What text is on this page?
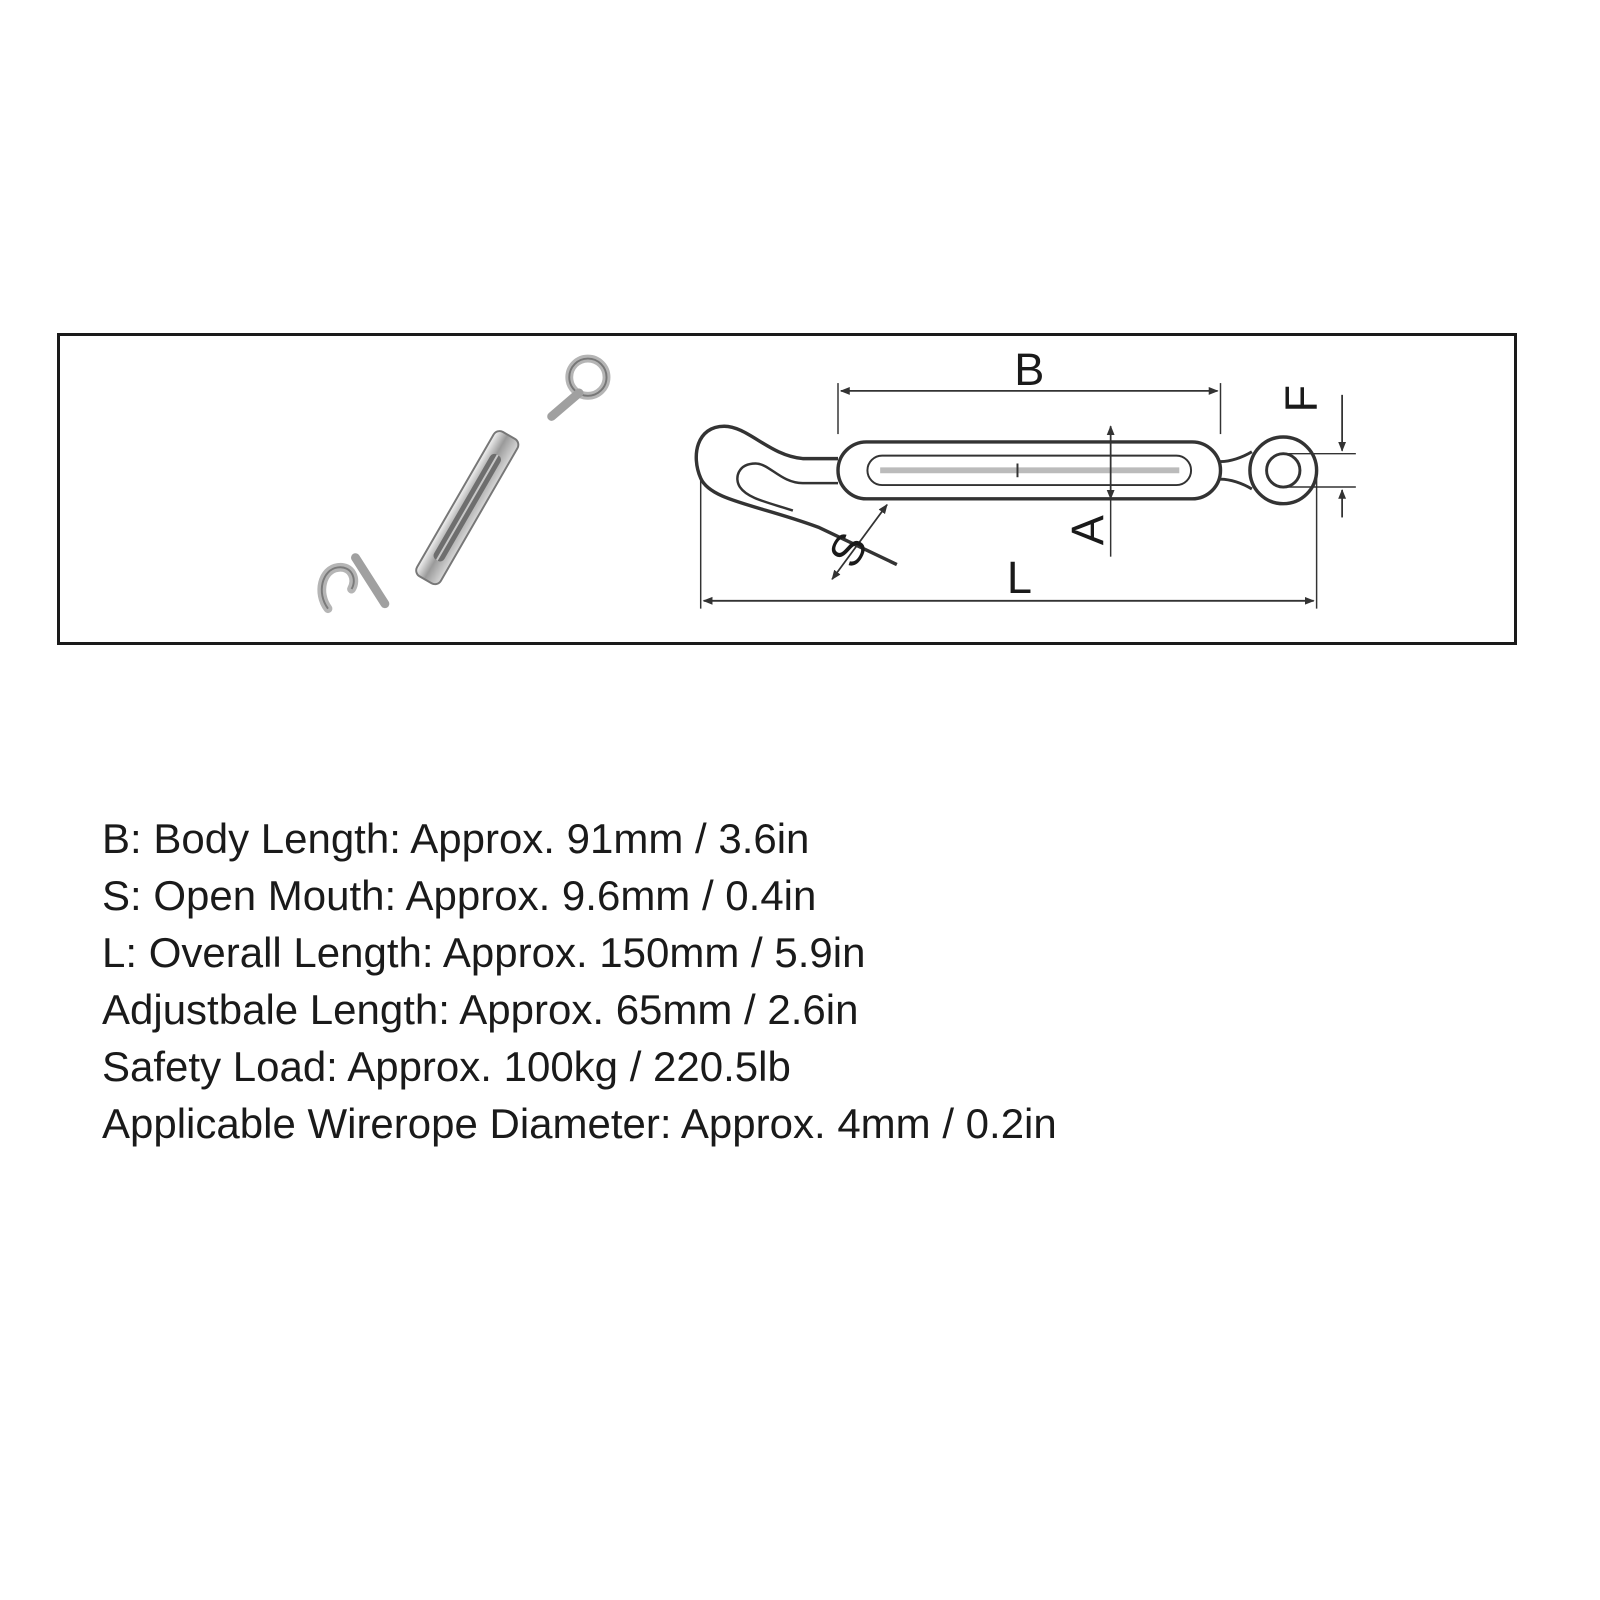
B
F
A
S
L
B: Body Length: Approx. 91mm / 3.6in
S: Open Mouth: Approx. 9.6mm / 0.4in
L: Overall Length: Approx. 150mm / 5.9in
Adjustbale Length: Approx. 65mm / 2.6in
Safety Load: Approx. 100kg / 220.5lb
Applicable Wirerope Diameter: Approx. 4mm / 0.2in
